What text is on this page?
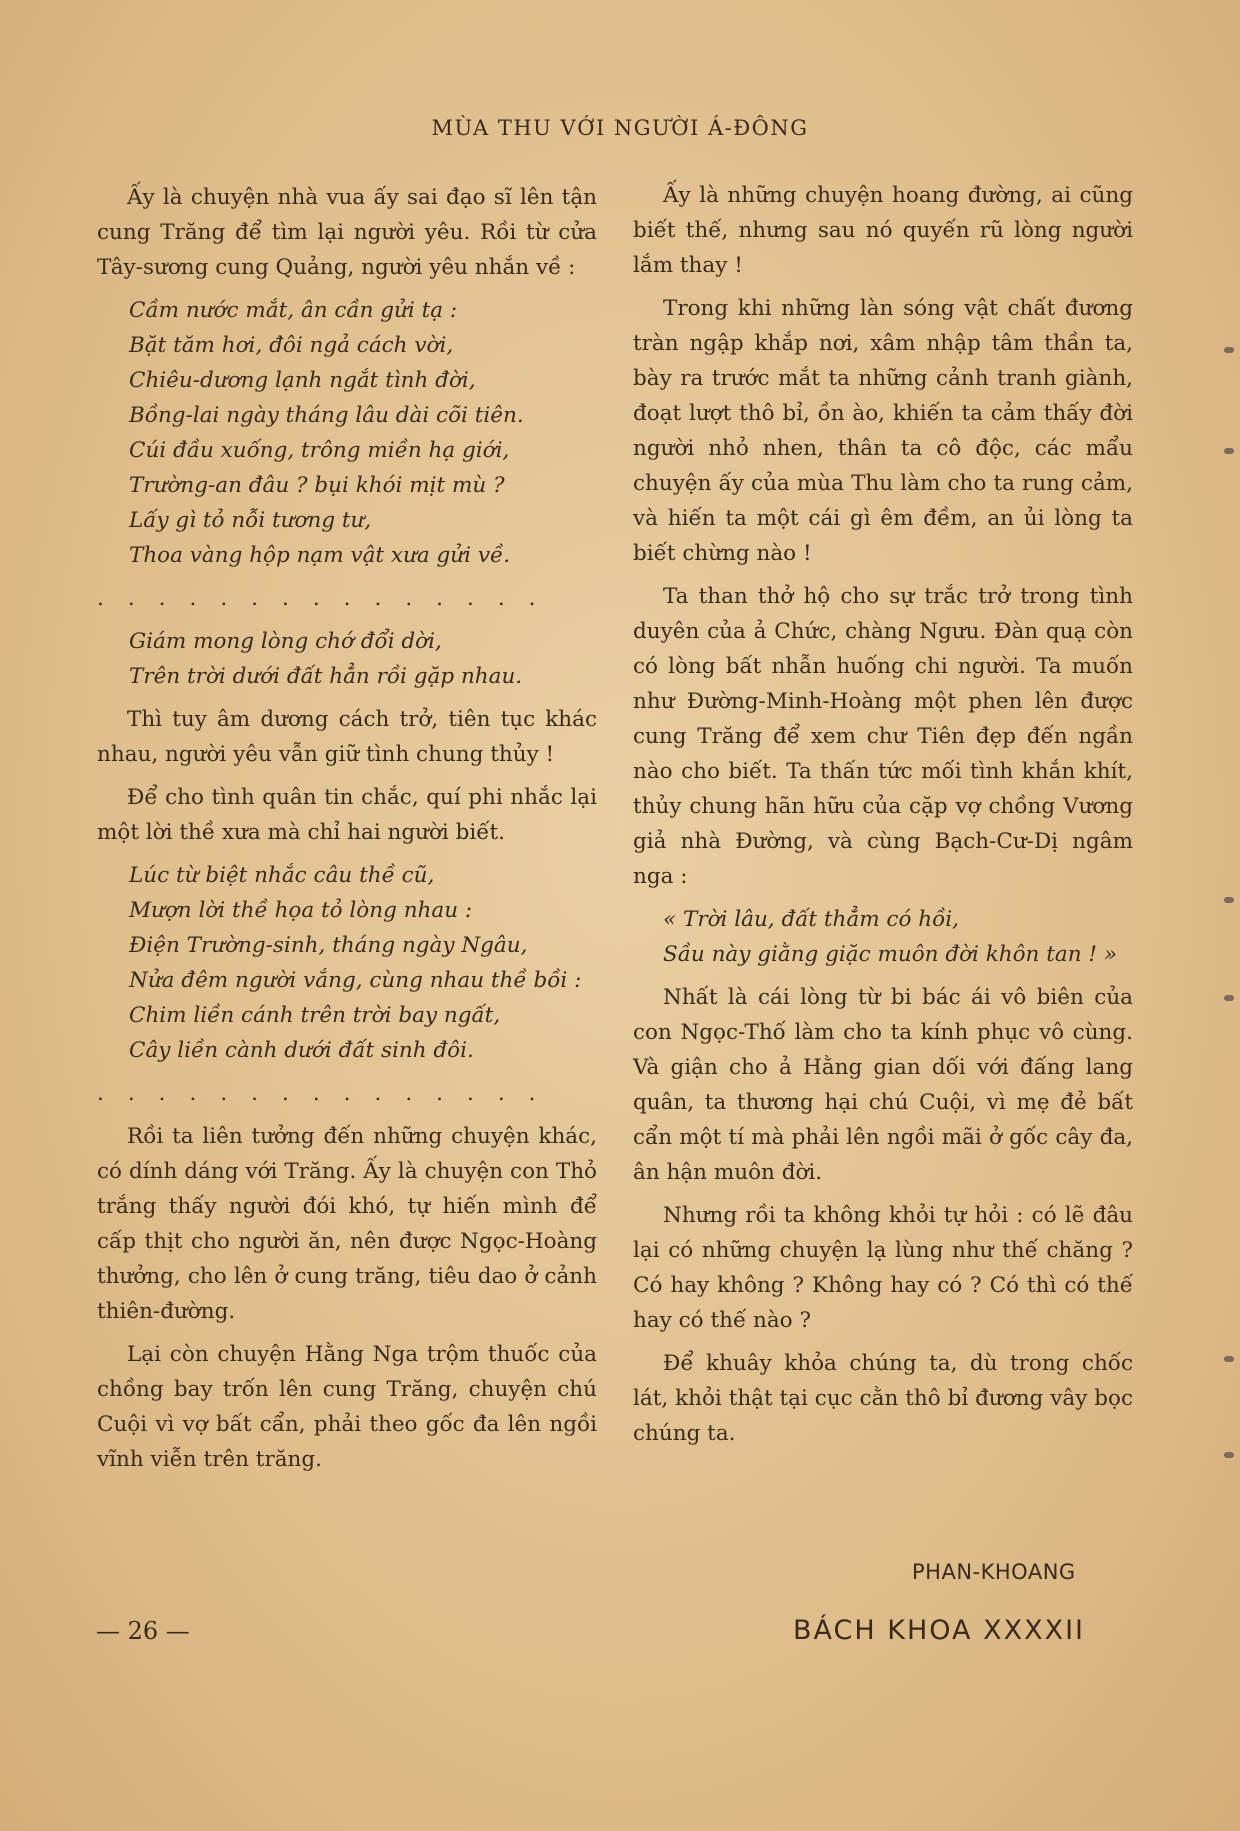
MÙA THU VỚI NGƯỜI Á-ĐÔNG

Ấy là chuyện nhà vua ấy sai đạo sĩ lên tận cung Trăng để tìm lại người yêu. Rồi từ cửa Tây-sương cung Quảng, người yêu nhắn về :

Cầm nước mắt, ân cần gửi tạ :
Bặt tăm hơi, đôi ngả cách vời,
Chiêu-dương lạnh ngắt tình đời,
Bồng-lai ngày tháng lâu dài cõi tiên.
Cúi đầu xuống, trông miền hạ giới,
Trường-an đâu ? bụi khói mịt mù ?
Lấy gì tỏ nỗi tương tư,
Thoa vàng hộp nạm vật xưa gửi về.
...............
Giám mong lòng chớ đổi dời,
Trên trời dưới đất hẳn rồi gặp nhau.

Thì tuy âm dương cách trở, tiên tục khác nhau, người yêu vẫn giữ tình chung thủy !

Để cho tình quân tin chắc, quí phi nhắc lại một lời thề xưa mà chỉ hai người biết.

Lúc từ biệt nhắc câu thề cũ,
Mượn lời thề họa tỏ lòng nhau :
Điện Trường-sinh, tháng ngày Ngâu,
Nửa đêm người vắng, cùng nhau thề bồi :
Chim liền cánh trên trời bay ngất,
Cây liền cành dưới đất sinh đôi.
...............

Rồi ta liên tưởng đến những chuyện khác, có dính dáng với Trăng. Ấy là chuyện con Thỏ trắng thấy người đói khó, tự hiến mình để cấp thịt cho người ăn, nên được Ngọc-Hoàng thưởng, cho lên ở cung trăng, tiêu dao ở cảnh thiên-đường.

Lại còn chuyện Hằng Nga trộm thuốc của chồng bay trốn lên cung Trăng, chuyện chú Cuội vì vợ bất cẩn, phải theo gốc đa lên ngồi vĩnh viễn trên trăng.

Ấy là những chuyện hoang đường, ai cũng biết thế, nhưng sau nó quyến rũ lòng người lắm thay !

Trong khi những làn sóng vật chất đương tràn ngập khắp nơi, xâm nhập tâm thần ta, bày ra trước mắt ta những cảnh tranh giành, đoạt lượt thô bỉ, ồn ào, khiến ta cảm thấy đời người nhỏ nhen, thân ta cô độc, các mẩu chuyện ấy của mùa Thu làm cho ta rung cảm, và hiến ta một cái gì êm đềm, an ủi lòng ta biết chừng nào !

Ta than thở hộ cho sự trắc trở trong tình duyên của ả Chức, chàng Ngưu. Đàn quạ còn có lòng bất nhẫn huống chi người. Ta muốn như Đường-Minh-Hoàng một phen lên được cung Trăng để xem chư Tiên đẹp đến ngần nào cho biết. Ta thấn tức mối tình khắn khít, thủy chung hãn hữu của cặp vợ chồng Vương giả nhà Đường, và cùng Bạch-Cư-Dị ngâm nga :

« Trời lâu, đất thẳm có hồi,
Sầu này giằng giặc muôn đời khôn tan ! »

Nhất là cái lòng từ bi bác ái vô biên của con Ngọc-Thố làm cho ta kính phục vô cùng. Và giận cho ả Hằng gian dối với đấng lang quân, ta thương hại chú Cuội, vì mẹ đẻ bất cẩn một tí mà phải lên ngồi mãi ở gốc cây đa, ân hận muôn đời.

Nhưng rồi ta không khỏi tự hỏi : có lẽ đâu lại có những chuyện lạ lùng như thế chăng ? Có hay không ? Không hay có ? Có thì có thế hay có thế nào ?

Để khuây khỏa chúng ta, dù trong chốc lát, khỏi thật tại cục cằn thô bỉ đương vây bọc chúng ta.

PHAN-KHOANG
— 26 —	BÁCH KHOA XXXXII
